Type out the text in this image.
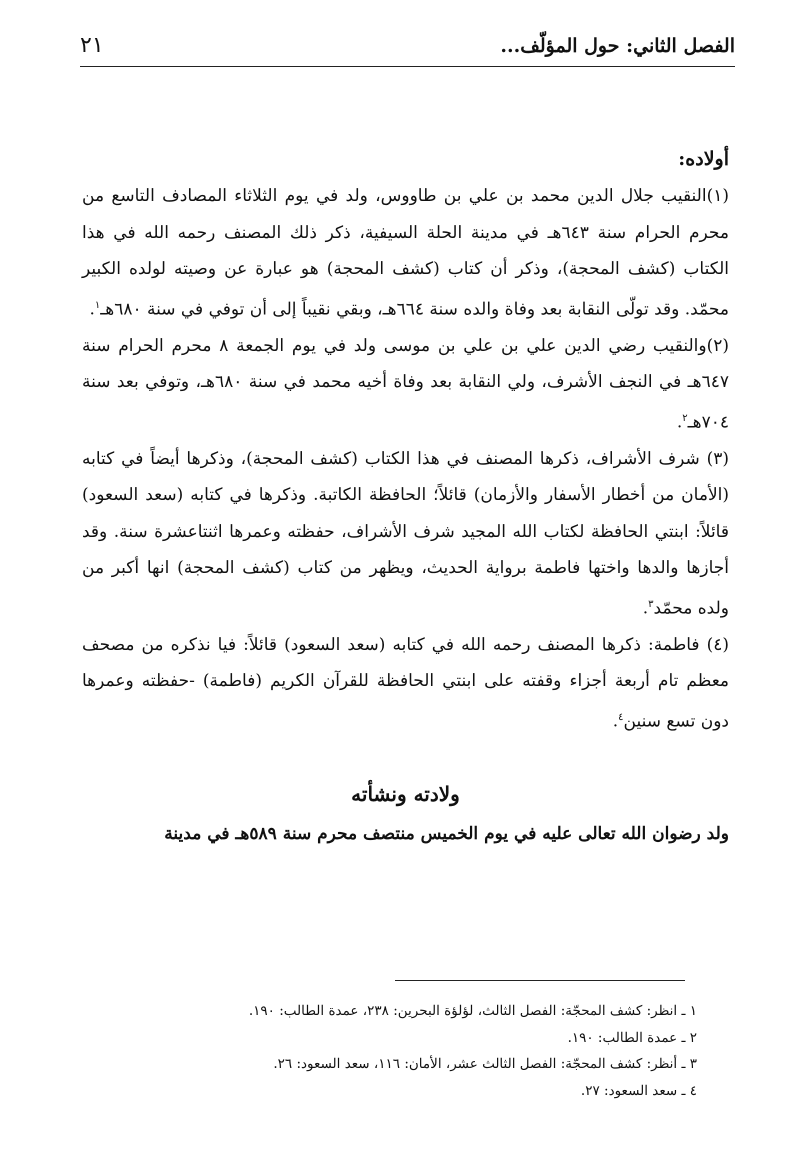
الفصل الثاني: حول المؤلّف...
٢١

أولاده:

(١)النقيب جلال الدين محمد بن علي بن طاووس، ولد في يوم الثلاثاء المصادف التاسع من محرم الحرام سنة ٦٤٣هـ في مدينة الحلة السيفية، ذكر ذلك المصنف رحمه الله في هذا الكتاب (كشف المحجة)، وذكر أن كتاب (كشف المحجة) هو عبارة عن وصيته لولده الكبير محمّد. وقد تولّى النقابة بعد وفاة والده سنة ٦٦٤هـ، وبقي نقيباً إلى أن توفي في سنة ٦٨٠هـ$^١$.

(٢)والنقيب رضي الدين علي بن علي بن موسى ولد في يوم الجمعة ٨ محرم الحرام سنة ٦٤٧هـ في النجف الأشرف، ولي النقابة بعد وفاة أخيه محمد في سنة ٦٨٠هـ، وتوفي بعد سنة ٧٠٤هـ$^٢$.

(٣) شرف الأشراف، ذكرها المصنف في هذا الكتاب (كشف المحجة)، وذكرها أيضاً في كتابه (الأمان من أخطار الأسفار والأزمان) قائلاً؛ الحافظة الكاتبة. وذكرها في كتابه (سعد السعود) قائلاً: ابنتي الحافظة لكتاب الله المجيد شرف الأشراف، حفظته وعمرها اثنتاعشرة سنة. وقد أجازها والدها واختها فاطمة برواية الحديث، ويظهر من كتاب (كشف المحجة) انها أكبر من ولده محمّد$^٣$.

(٤) فاطمة: ذكرها المصنف رحمه الله في كتابه (سعد السعود) قائلاً: فيا نذكره من مصحف معظم تام أربعة أجزاء وقفته على ابنتي الحافظة للقرآن الكريم (فاطمة) -حفظته وعمرها دون تسع سنين$^٤$.

ولادته ونشأته

ولد رضوان الله تعالى عليه في يوم الخميس منتصف محرم سنة ٥٨٩هـ في مدينة

١ ـ انظر: كشف المحجّة: الفصل الثالث، لؤلؤة البحرين: ٢٣٨، عمدة الطالب: ١٩٠.

٢ ـ عمدة الطالب: ١٩٠.

٣ ـ أنظر: كشف المحجّة: الفصل الثالث عشر، الأمان: ١١٦، سعد السعود: ٢٦.

٤ ـ سعد السعود: ٢٧.
